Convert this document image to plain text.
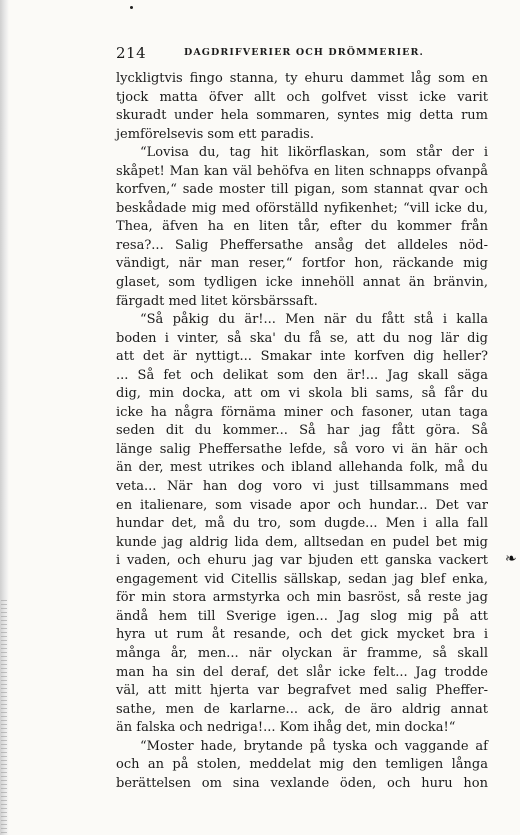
214	DAGDRIFVERIER OCH DRÖMMERIER.
lyckligtvis fingo stanna, ty ehuru dammet låg som en
tjock matta öfver allt och golfvet visst icke varit
skuradt under hela sommaren, syntes mig detta rum
jemförelsevis som ett paradis.
“Lovisa du, tag hit likörflaskan, som står der i
skåpet! Man kan väl behöfva en liten schnapps ofvanpå
korfven,“ sade moster till pigan, som stannat qvar och
beskådade mig med oförställd nyfikenhet; “vill icke du,
Thea, äfven ha en liten tår, efter du kommer från
resa?... Salig Pheffersathe ansåg det alldeles nöd-
vändigt, när man reser,“ fortfor hon, räckande mig
glaset, som tydligen icke innehöll annat än bränvin,
färgadt med litet körsbärssaft.
“Så påkig du är!... Men när du fått stå i kalla
boden i vinter, så ska' du få se, att du nog lär dig
att det är nyttigt... Smakar inte korfven dig heller?
... Så fet och delikat som den är!... Jag skall säga
dig, min docka, att om vi skola bli sams, så får du
icke ha några förnäma miner och fasoner, utan taga
seden dit du kommer... Så har jag fått göra. Så
länge salig Pheffersathe lefde, så voro vi än här och
än der, mest utrikes och ibland allehanda folk, må du
veta... När han dog voro vi just tillsammans med
en italienare, som visade apor och hundar... Det var
hundar det, må du tro, som dugde... Men i alla fall
kunde jag aldrig lida dem, alltsedan en pudel bet mig
i vaden, och ehuru jag var bjuden ett ganska vackert
engagement vid Citellis sällskap, sedan jag blef enka,
för min stora armstyrka och min basröst, så reste jag
ändå hem till Sverige igen... Jag slog mig på att
hyra ut rum åt resande, och det gick mycket bra i
många år, men... när olyckan är framme, så skall
man ha sin del deraf, det slår icke felt... Jag trodde
väl, att mitt hjerta var begrafvet med salig Pheffer-
sathe, men de karlarne... ack, de äro aldrig annat
än falska och nedriga!... Kom ihåg det, min docka!“
“Moster hade, brytande på tyska och vaggande af
och an på stolen, meddelat mig den temligen långa
berättelsen om sina vexlande öden, och huru hon
❧
